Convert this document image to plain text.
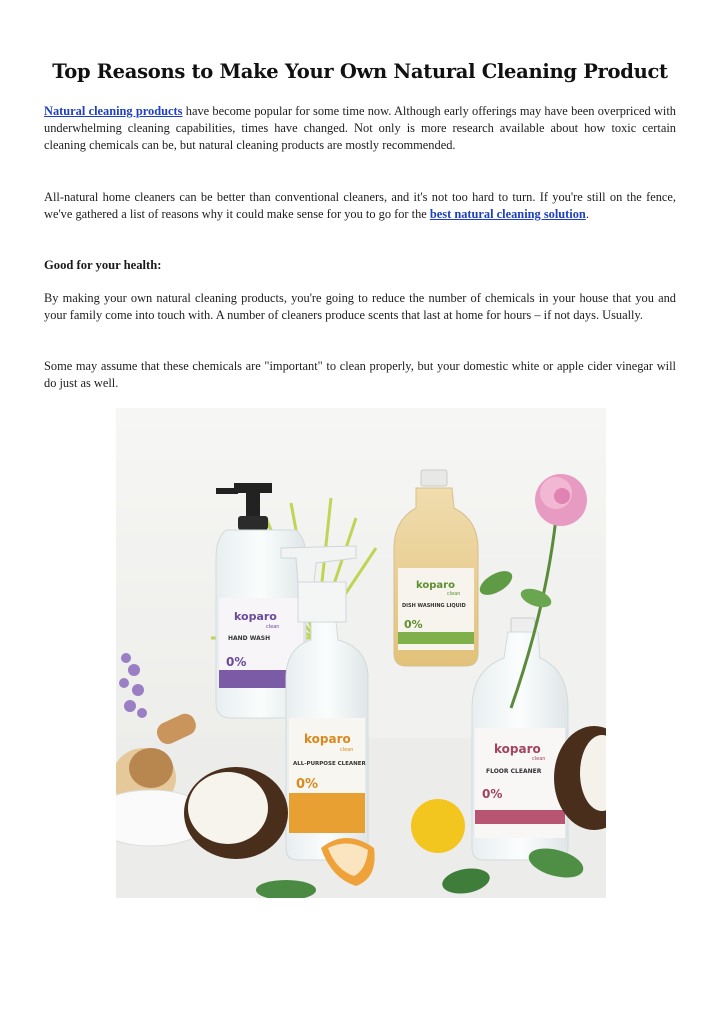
Top Reasons to Make Your Own Natural Cleaning Product

Natural cleaning products have become popular for some time now. Although early offerings may have been overpriced with underwhelming cleaning capabilities, times have changed. Not only is more research available about how toxic certain cleaning chemicals can be, but natural cleaning products are mostly recommended.

All-natural home cleaners can be better than conventional cleaners, and it's not too hard to turn. If you're still on the fence, we've gathered a list of reasons why it could make sense for you to go for the best natural cleaning solution.

Good for your health:

By making your own natural cleaning products, you're going to reduce the number of chemicals in your house that you and your family come into touch with. A number of cleaners produce scents that last at home for hours – if not days. Usually.

Some may assume that these chemicals are "important" to clean properly, but your domestic white or apple cider vinegar will do just as well.

koparo
clean
HAND WASH
0%
koparo
clean
DISH WASHING LIQUID
0%
koparo
clean
ALL-PURPOSE CLEANER
0%
koparo
clean
FLOOR CLEANER
0%
